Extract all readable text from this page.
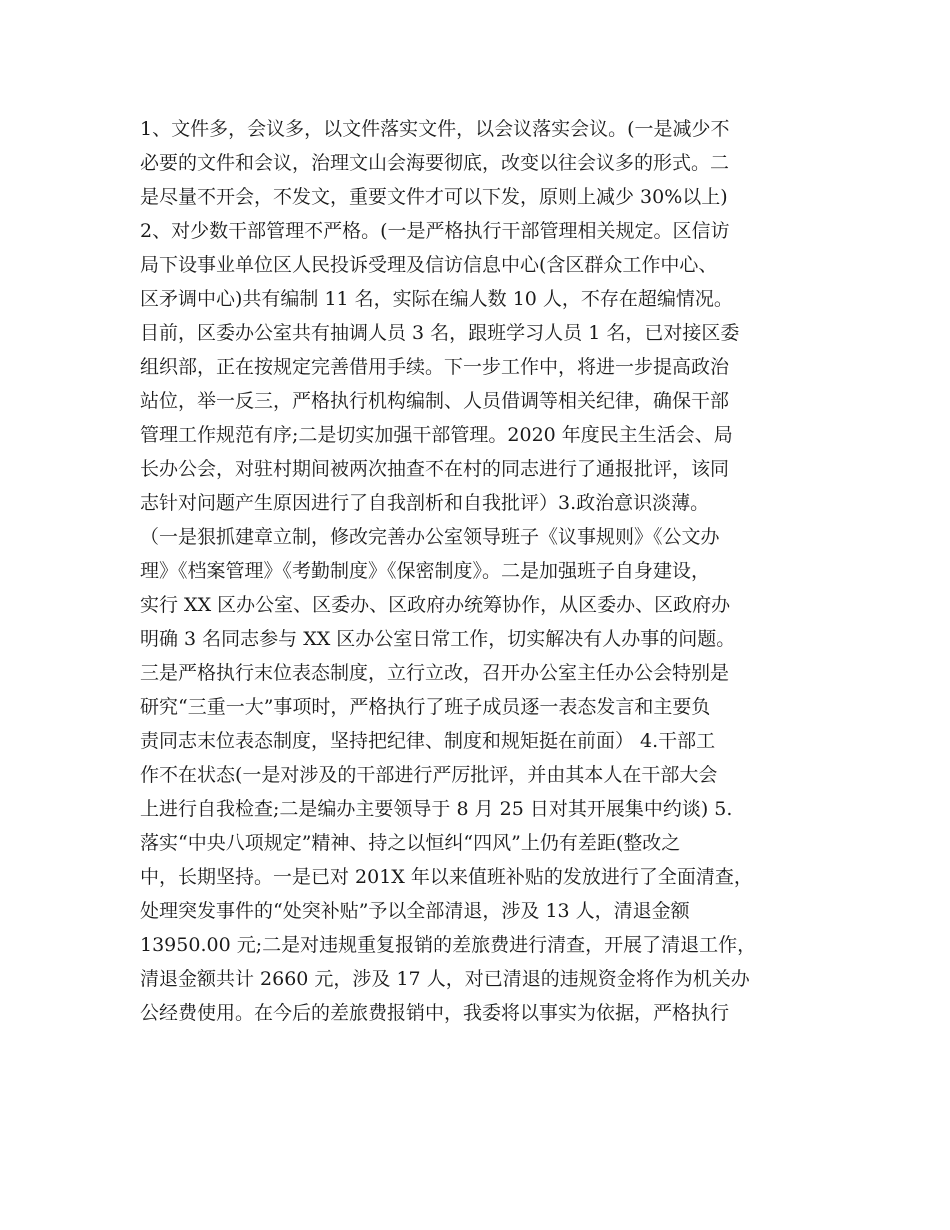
1、文件多，会议多，以文件落实文件，以会议落实会议。(一是减少不
必要的文件和会议，治理文山会海要彻底，改变以往会议多的形式。二
是尽量不开会，不发文，重要文件才可以下发，原则上减少 30%以上)
2、对少数干部管理不严格。(一是严格执行干部管理相关规定。区信访
局下设事业单位区人民投诉受理及信访信息中心(含区群众工作中心、
区矛调中心)共有编制 11 名，实际在编人数 10 人，不存在超编情况。
目前，区委办公室共有抽调人员 3 名，跟班学习人员 1 名，已对接区委
组织部，正在按规定完善借用手续。下一步工作中，将进一步提高政治
站位，举一反三，严格执行机构编制、人员借调等相关纪律，确保干部
管理工作规范有序;二是切实加强干部管理。2020 年度民主生活会、局
长办公会，对驻村期间被两次抽查不在村的同志进行了通报批评，该同
志针对问题产生原因进行了自我剖析和自我批评）3.政治意识淡薄。
（一是狠抓建章立制，修改完善办公室领导班子《议事规则》《公文办
理》《档案管理》《考勤制度》《保密制度》。二是加强班子自身建设，
实行 XX 区办公室、区委办、区政府办统筹协作，从区委办、区政府办
明确 3 名同志参与 XX 区办公室日常工作，切实解决有人办事的问题。
三是严格执行末位表态制度，立行立改，召开办公室主任办公会特别是
研究“三重一大”事项时，严格执行了班子成员逐一表态发言和主要负
责同志末位表态制度，坚持把纪律、制度和规矩挺在前面） 4.干部工
作不在状态(一是对涉及的干部进行严厉批评，并由其本人在干部大会
上进行自我检查;二是编办主要领导于 8 月 25 日对其开展集中约谈) 5.
落实“中央八项规定”精神、持之以恒纠“四风”上仍有差距(整改之
中，长期坚持。一是已对 201X 年以来值班补贴的发放进行了全面清查，
处理突发事件的“处突补贴”予以全部清退，涉及 13 人，清退金额
13950.00 元;二是对违规重复报销的差旅费进行清查，开展了清退工作，
清退金额共计 2660 元，涉及 17 人，对已清退的违规资金将作为机关办
公经费使用。在今后的差旅费报销中，我委将以事实为依据，严格执行
